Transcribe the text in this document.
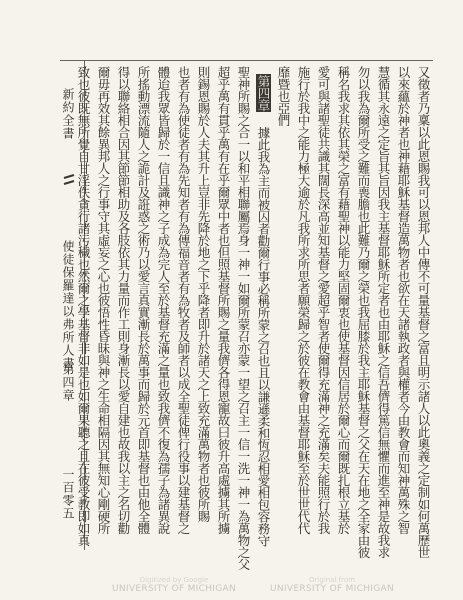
新約全書
使徒保羅達以弗所人書
第四章
一百零五	又徵者乃稟以此恩賜我可以恩邦人中傳不可量基督之富且明示諸人以此奧義之定制如何萬歷世
以來蘊於神者也神藉耶穌基督造萬物者也欲在天諸執政者與權者今由教會而知神萬殊之智
慧循其永遠之定旨其旨因我主基督耶穌所定者也由耶穌之信吾儕得篤信無懼而進至神是故我求
勿以我為爾所受之難而喪膽也此難乃爾之榮也我屈膝於我主耶穌基督之父在天在地之全家由彼
稱名我求其依其榮之富有藉聖神以能力堅固爾衷也使基督因信居於爾心而爾既扎根立基於
愛可與諸聖徒共識其闊長深高並知基督之愛超乎智者使爾得充滿神之充滿矣夫能照行於我
施行於我中之能力極大逾於凡我所求所思者願榮歸之於彼在教會由基督耶穌至於世世代代
靡暨也亞們
第四章 據此我為主而被囚者勸爾行事必稱所蒙之召也且以謙遜柔和恆忍相愛相包容務守
聖神所賜之合一以和平相聯屬焉身一神一如爾所蒙召亦蒙一望之召主一信一洗一神一為萬物之父
超乎萬有貫乎萬有在乎爾眾中者也但照基督所賜之量我儕各得恩寵故曰彼升高處擄其所擄
則錫恩賜於人夫其升上豈非先降於地之下乎降者即升於諸天之上致充滿萬物者也彼所賜
也者有為使徒者有為先知者有為傳福音者有為牧者及師者以成全聖徒俾行役事以建基督之
體迨我眾皆歸於一信且識神之子成為完人至於基督充滿之量也致我儕不復為孺子為諸異說
所搖動漂流隨人之詭計及誑惑之術乃以愛言真實漸長於萬事而歸於元首即基督也由他全體
得以聯絡相合因其節節相助及各肢依其力量而作工則身漸長以愛自建也故我以主之名切勸
爾毋再效其餘異邦人之行事守其虛妄之心也彼悟性昏昧與神之生命相隔因其無知心剛硬所
致也彼既無所覺自甘淫佚貪行諸污穢也然爾之學基督非如是也如爾果聽之且在彼受教即如真
Digitized by Google
UNIVERSITY OF MICHIGAN
Original from
UNIVERSITY OF MICHIGAN
